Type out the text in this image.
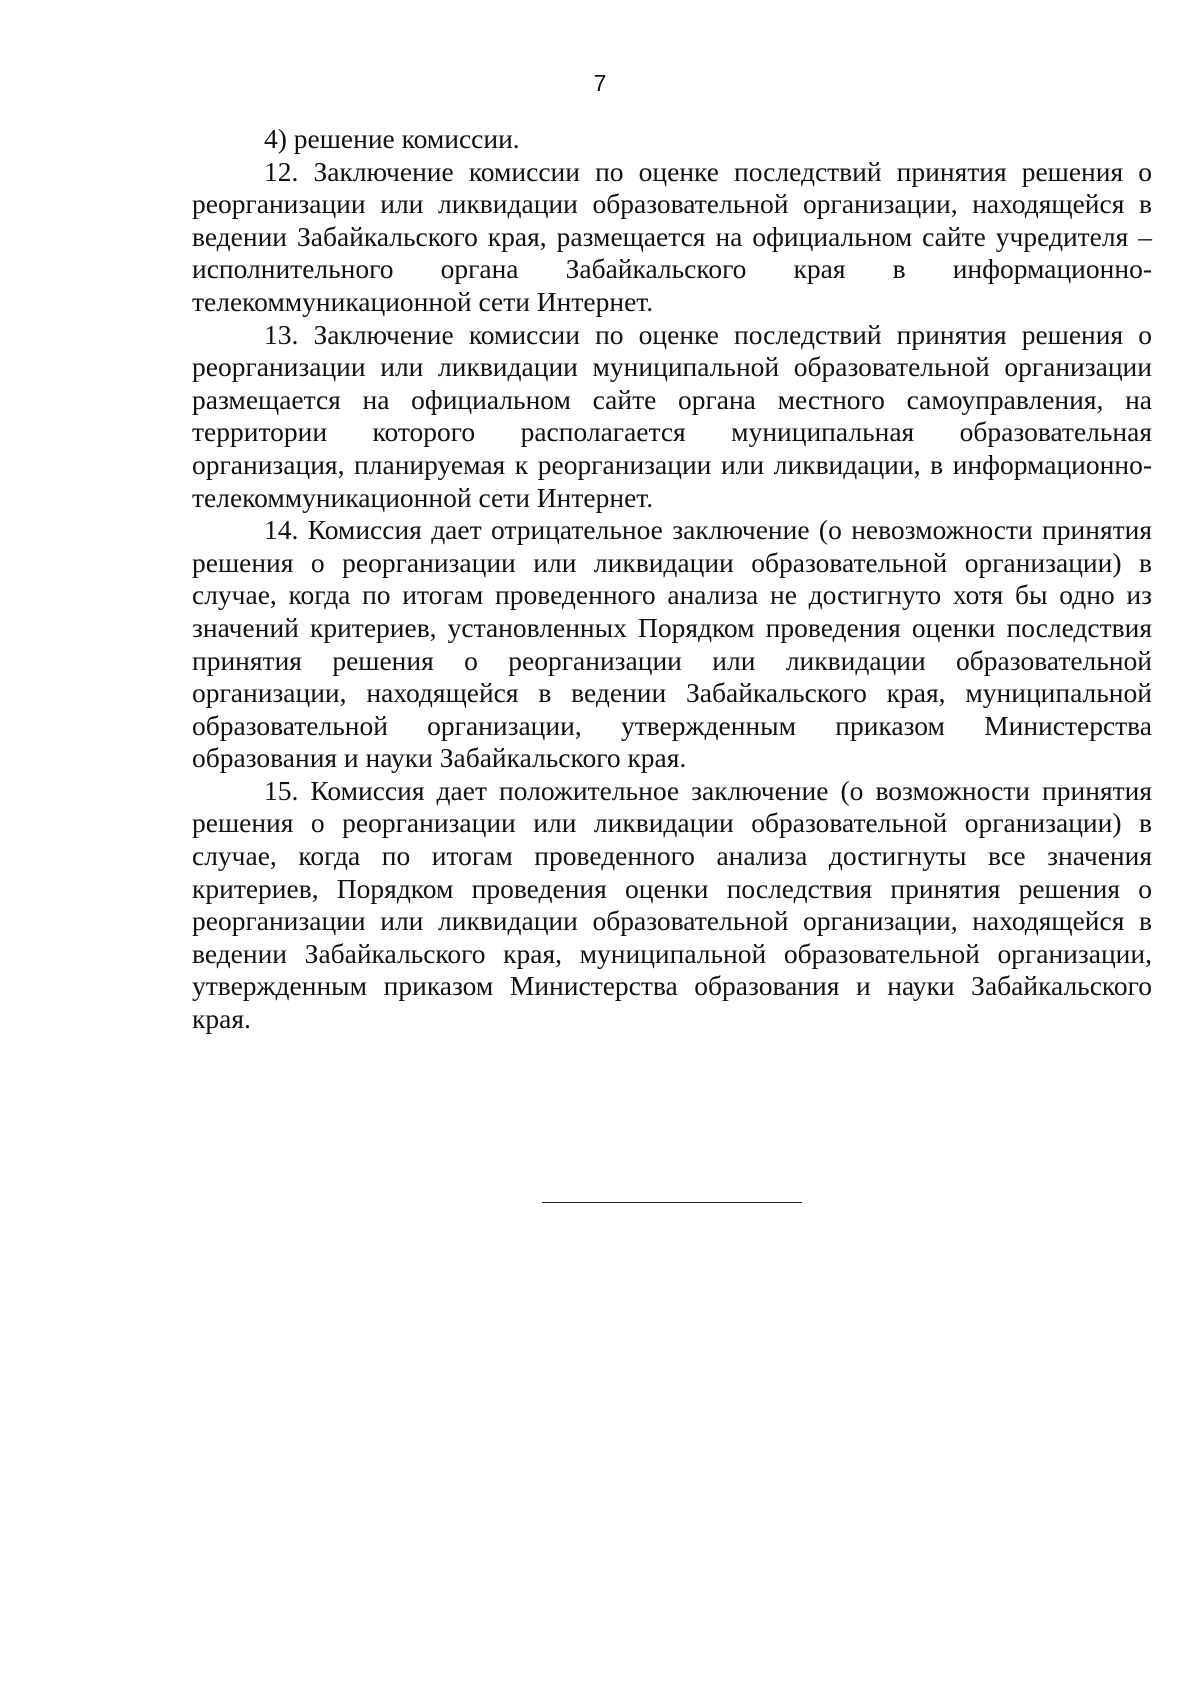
7

4) решение комиссии.

12. Заключение комиссии по оценке последствий принятия решения о реорганизации или ликвидации образовательной организации, находящейся в ведении Забайкальского края, размещается на официальном сайте учредителя – исполнительного органа Забайкальского края в информационно-телекоммуникационной сети Интернет.

13. Заключение комиссии по оценке последствий принятия решения о реорганизации или ликвидации муниципальной образовательной организации размещается на официальном сайте органа местного самоуправления, на территории которого располагается муниципальная образовательная организация, планируемая к реорганизации или ликвидации, в информационно-телекоммуникационной сети Интернет.

14. Комиссия дает отрицательное заключение (о невозможности принятия решения о реорганизации или ликвидации образовательной организации) в случае, когда по итогам проведенного анализа не достигнуто хотя бы одно из значений критериев, установленных Порядком проведения оценки последствия принятия решения о реорганизации или ликвидации образовательной организации, находящейся в ведении Забайкальского края, муниципальной образовательной организации, утвержденным приказом Министерства образования и науки Забайкальского края.

15. Комиссия дает положительное заключение (о возможности принятия решения о реорганизации или ликвидации образовательной организации) в случае, когда по итогам проведенного анализа достигнуты все значения критериев, Порядком проведения оценки последствия принятия решения о реорганизации или ликвидации образовательной организации, находящейся в ведении Забайкальского края, муниципальной образовательной организации, утвержденным приказом Министерства образования и науки Забайкальского края.
